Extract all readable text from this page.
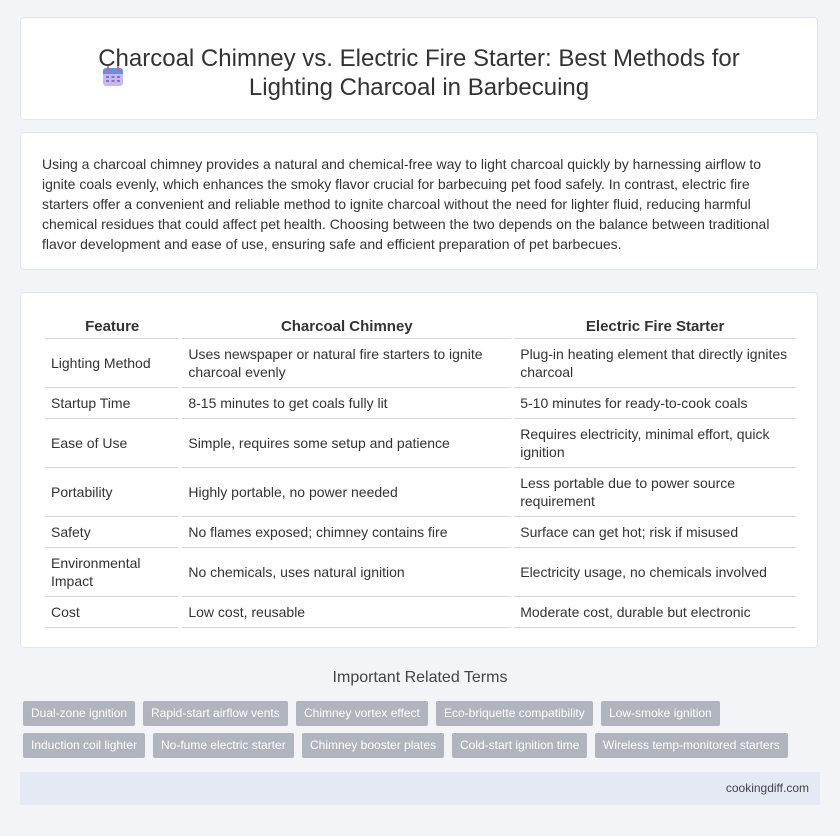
Charcoal Chimney vs. Electric Fire Starter: Best Methods for Lighting Charcoal in Barbecuing

Using a charcoal chimney provides a natural and chemical-free way to light charcoal quickly by harnessing airflow to ignite coals evenly, which enhances the smoky flavor crucial for barbecuing pet food safely. In contrast, electric fire starters offer a convenient and reliable method to ignite charcoal without the need for lighter fluid, reducing harmful chemical residues that could affect pet health. Choosing between the two depends on the balance between traditional flavor development and ease of use, ensuring safe and efficient preparation of pet barbecues.

Feature	Charcoal Chimney	Electric Fire Starter
Lighting Method	Uses newspaper or natural fire starters to ignite charcoal evenly	Plug-in heating element that directly ignites charcoal
Startup Time	8-15 minutes to get coals fully lit	5-10 minutes for ready-to-cook coals
Ease of Use	Simple, requires some setup and patience	Requires electricity, minimal effort, quick ignition
Portability	Highly portable, no power needed	Less portable due to power source requirement
Safety	No flames exposed; chimney contains fire	Surface can get hot; risk if misused
Environmental Impact	No chemicals, uses natural ignition	Electricity usage, no chemicals involved
Cost	Low cost, reusable	Moderate cost, durable but electronic
Important Related Terms
Dual-zone ignition	Rapid-start airflow vents	Chimney vortex effect	Eco-briquette compatibility	Low-smoke ignition
Induction coil lighter	No-fume electric starter	Chimney booster plates	Cold-start ignition time	Wireless temp-monitored starters
cookingdiff.com
